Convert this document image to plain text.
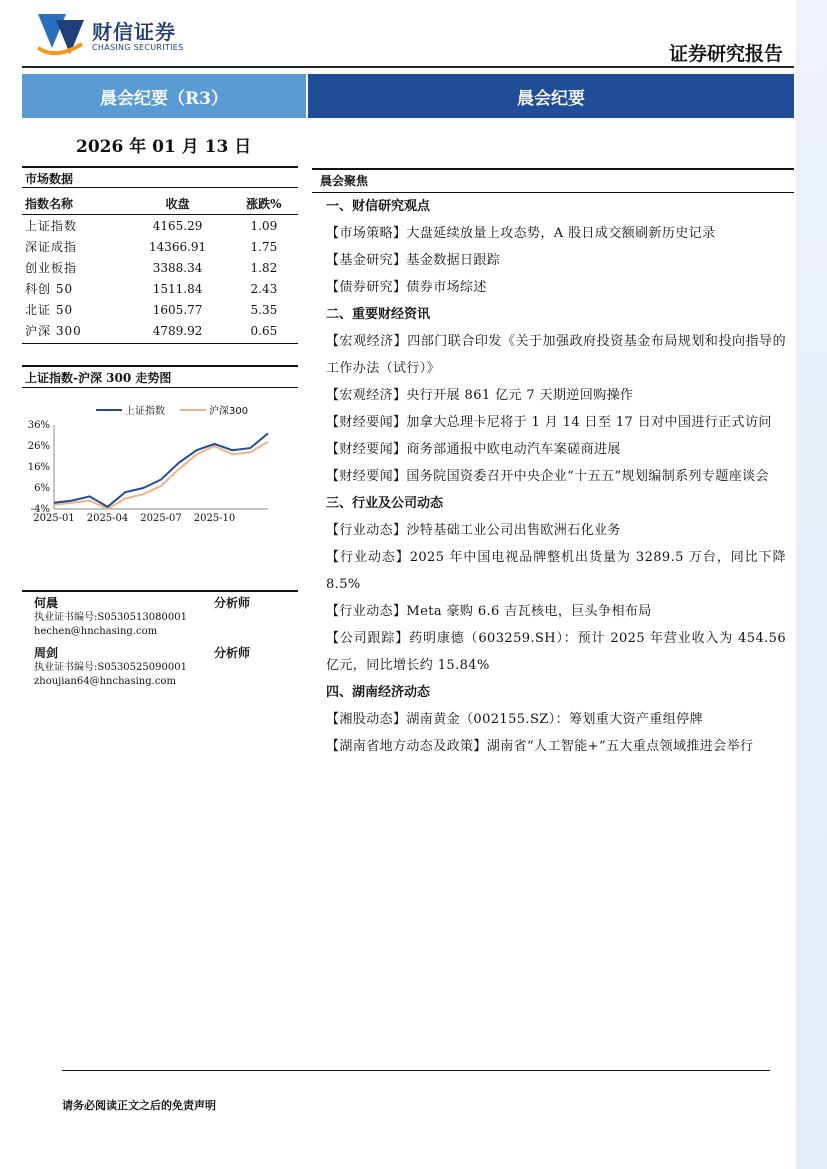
财信证券
CHASING SECURITIES	证券研究报告
晨会纪要（R3）	晨会纪要
2026 年 01 月 13 日
市场数据
指数名称	收盘	涨跌%
上证指数	4165.29	1.09
深证成指	14366.91	1.75
创业板指	3388.34	1.82
科创 50	1511.84	2.43
北证 50	1605.77	5.35
沪深 300	4789.92	0.65
上证指数-沪深 300 走势图
36%
26%
16%
6%
-4%
2025-01 2025-04 2025-07 2025-10
上证指数	沪深300
何晨	分析师
执业证书编号:S0530513080001
hechen@hnchasing.com
周剑	分析师
执业证书编号:S0530525090001
zhoujian64@hnchasing.com
晨会聚焦
一、财信研究观点
【市场策略】大盘延续放量上攻态势，A 股日成交额刷新历史记录
【基金研究】基金数据日跟踪
【债券研究】债券市场综述
二、重要财经资讯
【宏观经济】四部门联合印发《关于加强政府投资基金布局规划和投向指导的工作办法（试行）》
【宏观经济】央行开展 861 亿元 7 天期逆回购操作
【财经要闻】加拿大总理卡尼将于 1 月 14 日至 17 日对中国进行正式访问
【财经要闻】商务部通报中欧电动汽车案磋商进展
【财经要闻】国务院国资委召开中央企业“十五五”规划编制系列专题座谈会
三、行业及公司动态
【行业动态】沙特基础工业公司出售欧洲石化业务
【行业动态】2025 年中国电视品牌整机出货量为 3289.5 万台，同比下降 8.5%
【行业动态】Meta 豪购 6.6 吉瓦核电，巨头争相布局
【公司跟踪】药明康德（603259.SH）：预计 2025 年营业收入为 454.56 亿元，同比增长约 15.84%
四、湖南经济动态
【湘股动态】湖南黄金（002155.SZ）：筹划重大资产重组停牌
【湖南省地方动态及政策】湖南省“人工智能+”五大重点领域推进会举行
请务必阅读正文之后的免责声明
